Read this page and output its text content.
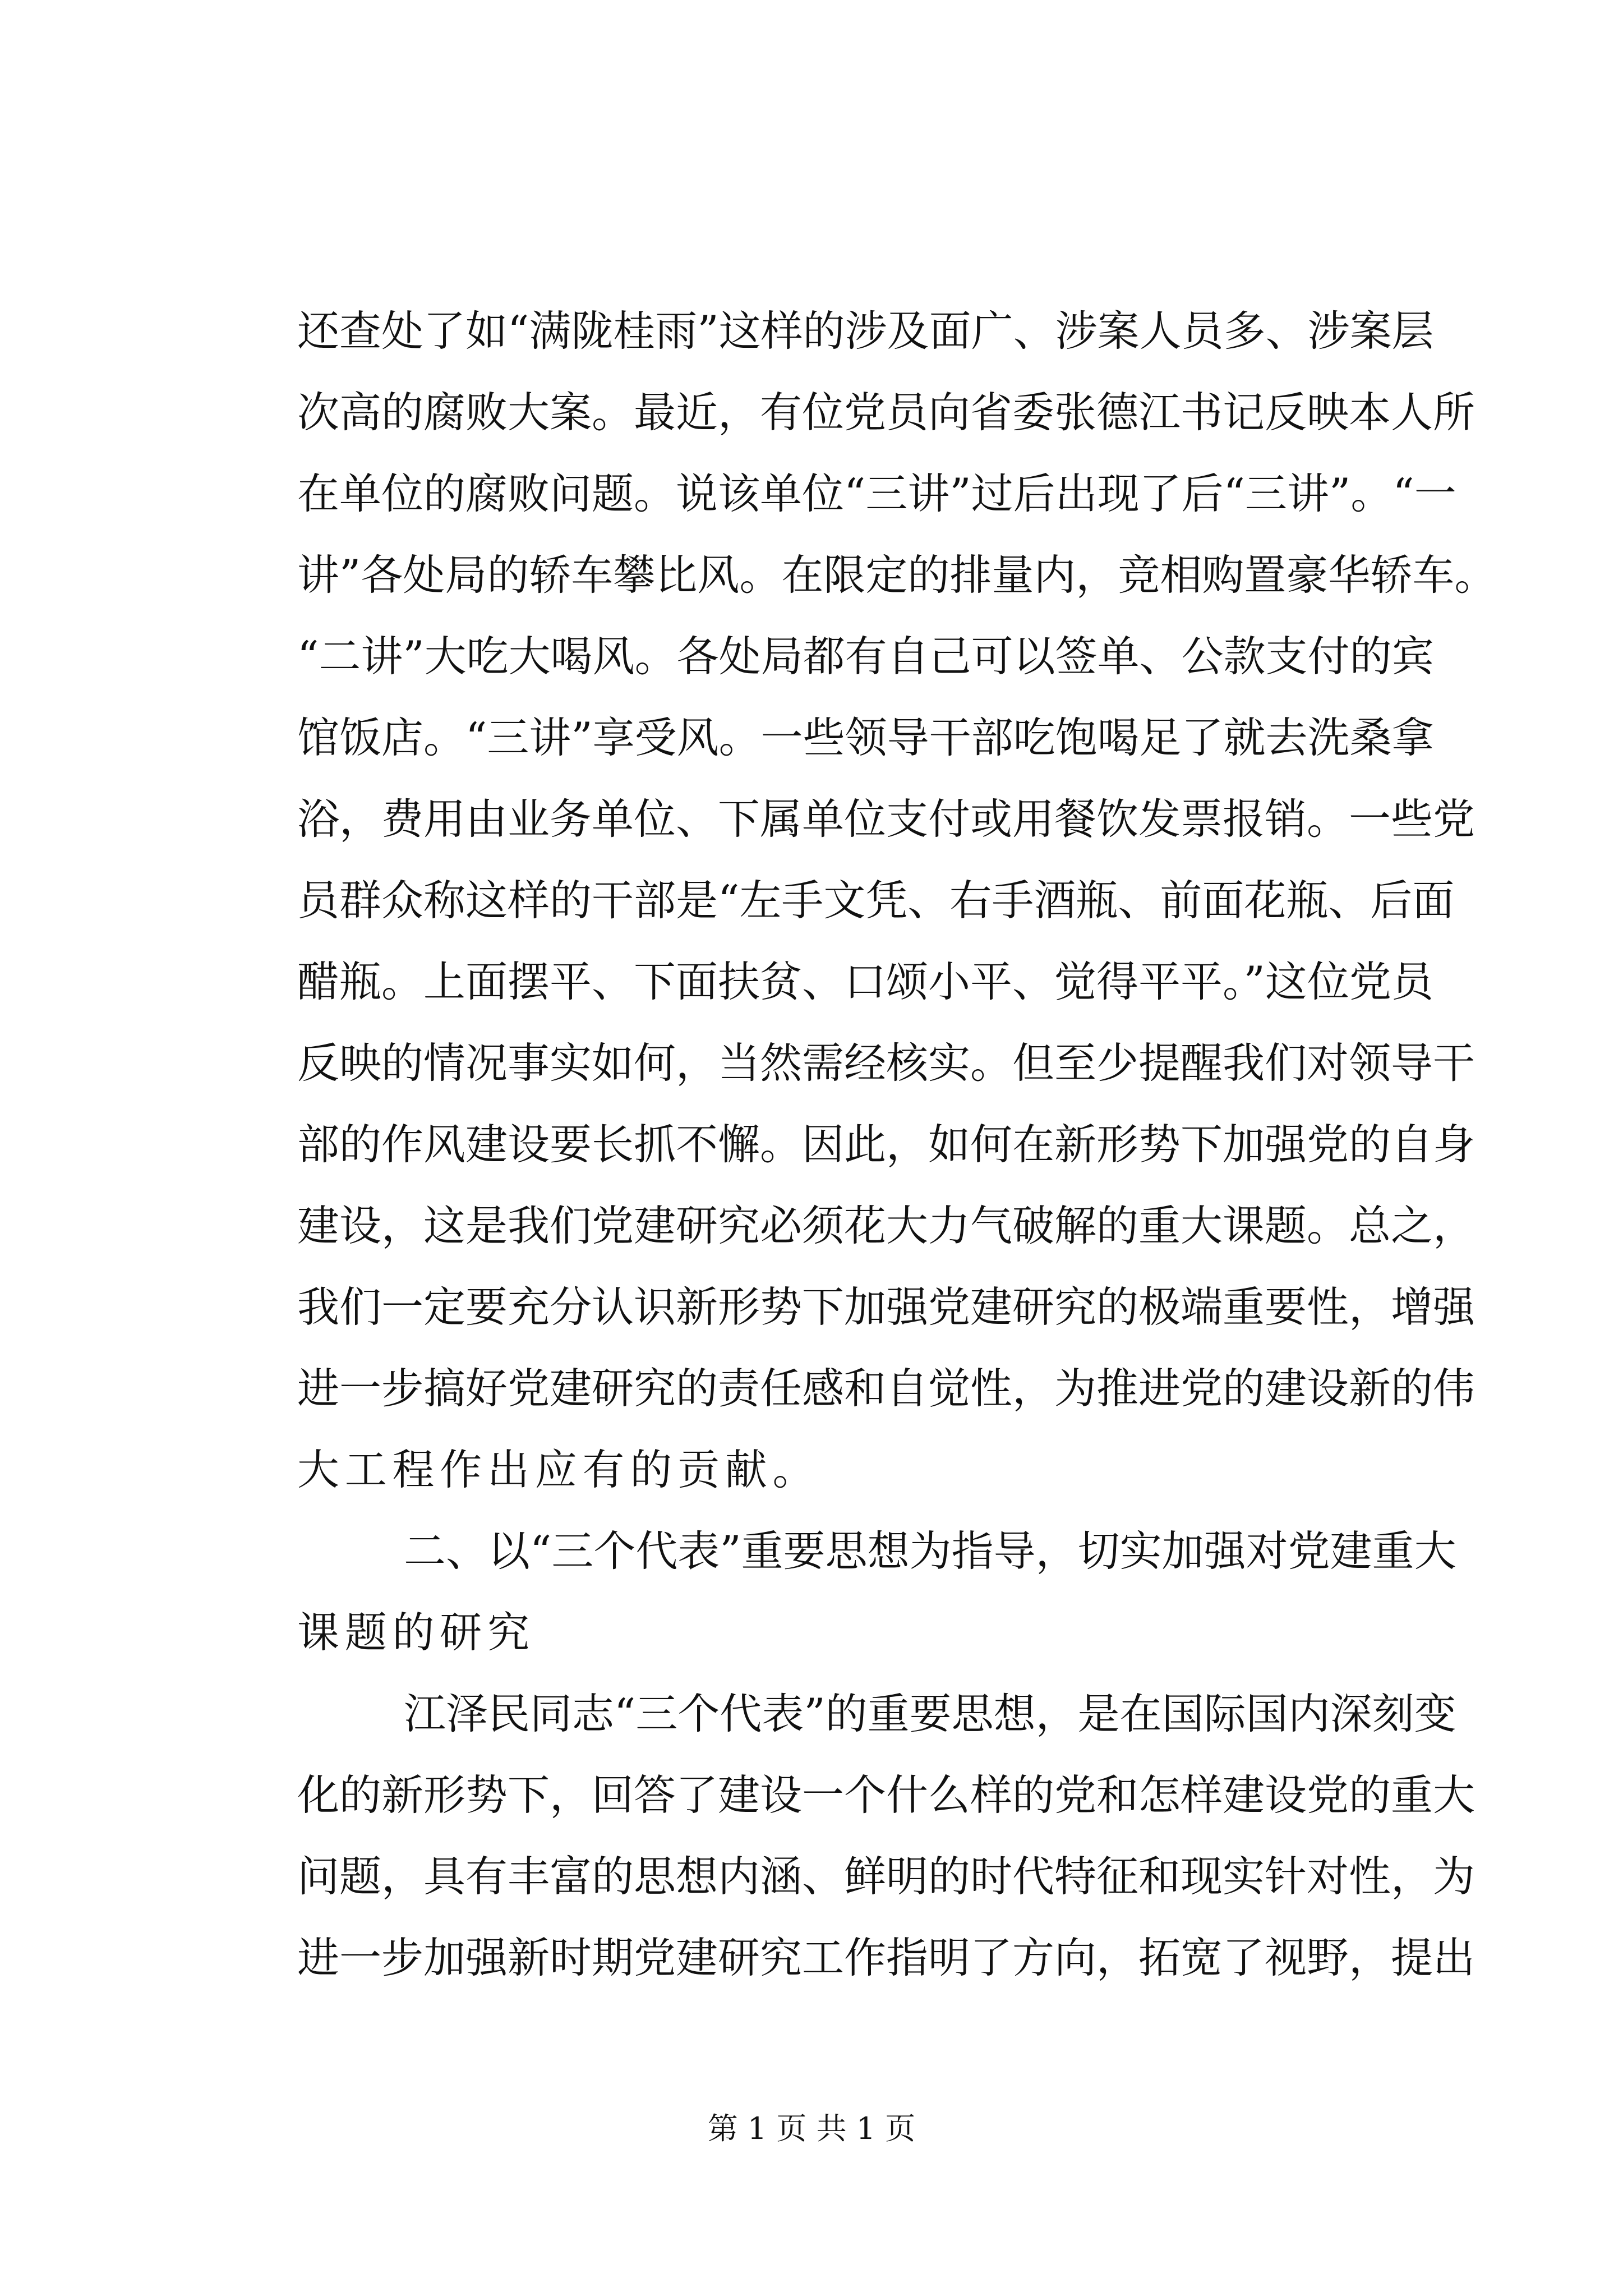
还查处了如“满陇桂雨”这样的涉及面广、涉案人员多、涉案层
次高的腐败大案。最近，有位党员向省委张德江书记反映本人所
在单位的腐败问题。说该单位“三讲”过后出现了后“三讲”。“一
讲”各处局的轿车攀比风。在限定的排量内，竞相购置豪华轿车。
“二讲”大吃大喝风。各处局都有自己可以签单、公款支付的宾
馆饭店。“三讲”享受风。一些领导干部吃饱喝足了就去洗桑拿
浴，费用由业务单位、下属单位支付或用餐饮发票报销。一些党
员群众称这样的干部是“左手文凭、右手酒瓶、前面花瓶、后面
醋瓶。上面摆平、下面扶贫、口颂小平、觉得平平。”这位党员
反映的情况事实如何，当然需经核实。但至少提醒我们对领导干
部的作风建设要长抓不懈。因此，如何在新形势下加强党的自身
建设，这是我们党建研究必须花大力气破解的重大课题。总之，
我们一定要充分认识新形势下加强党建研究的极端重要性，增强
进一步搞好党建研究的责任感和自觉性，为推进党的建设新的伟
大工程作出应有的贡献。
二、以“三个代表”重要思想为指导，切实加强对党建重大
课题的研究
江泽民同志“三个代表”的重要思想，是在国际国内深刻变
化的新形势下，回答了建设一个什么样的党和怎样建设党的重大
问题，具有丰富的思想内涵、鲜明的时代特征和现实针对性，为
进一步加强新时期党建研究工作指明了方向，拓宽了视野，提出
第 1 页 共 1 页
